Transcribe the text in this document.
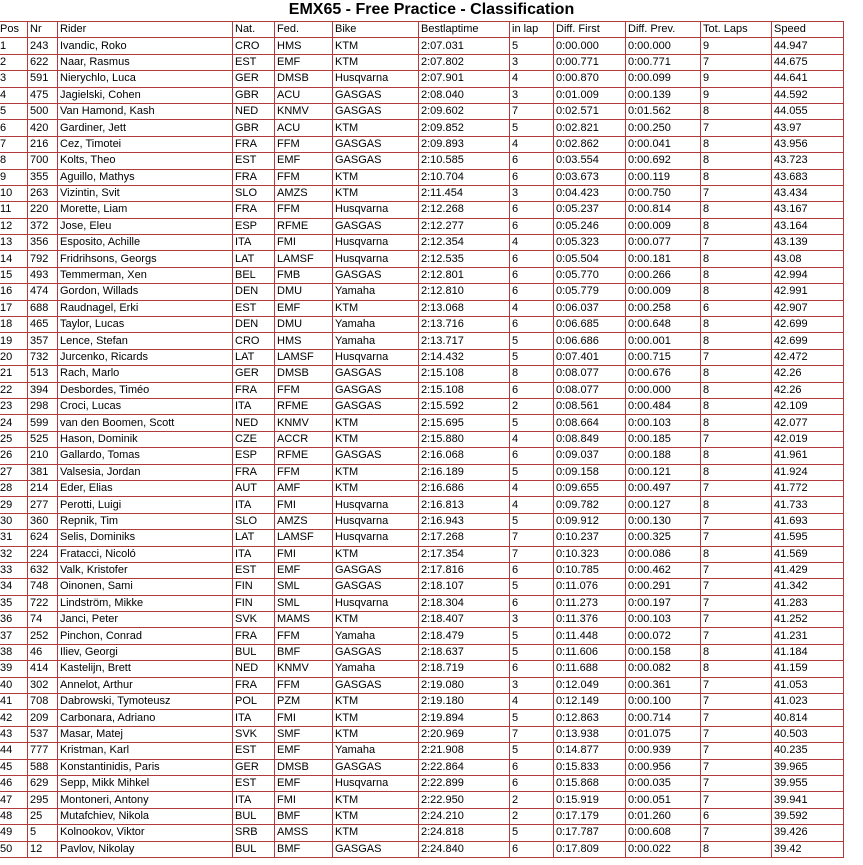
EMX65 - Free Practice - Classification
Pos	Nr	Rider	Nat.	Fed.	Bike	Bestlaptime	in lap	Diff. First	Diff. Prev.	Tot. Laps	Speed
1	243	Ivandic, Roko	CRO	HMS	KTM	2:07.031	5	0:00.000	0:00.000	9	44.947
2	622	Naar, Rasmus	EST	EMF	KTM	2:07.802	3	0:00.771	0:00.771	7	44.675
3	591	Nierychlo, Luca	GER	DMSB	Husqvarna	2:07.901	4	0:00.870	0:00.099	9	44.641
4	475	Jagielski, Cohen	GBR	ACU	GASGAS	2:08.040	3	0:01.009	0:00.139	9	44.592
5	500	Van Hamond, Kash	NED	KNMV	GASGAS	2:09.602	7	0:02.571	0:01.562	8	44.055
6	420	Gardiner, Jett	GBR	ACU	KTM	2:09.852	5	0:02.821	0:00.250	7	43.97
7	216	Cez, Timotei	FRA	FFM	GASGAS	2:09.893	4	0:02.862	0:00.041	8	43.956
8	700	Kolts, Theo	EST	EMF	GASGAS	2:10.585	6	0:03.554	0:00.692	8	43.723
9	355	Aguillo, Mathys	FRA	FFM	KTM	2:10.704	6	0:03.673	0:00.119	8	43.683
10	263	Vizintin, Svit	SLO	AMZS	KTM	2:11.454	3	0:04.423	0:00.750	7	43.434
11	220	Morette, Liam	FRA	FFM	Husqvarna	2:12.268	6	0:05.237	0:00.814	8	43.167
12	372	Jose, Eleu	ESP	RFME	GASGAS	2:12.277	6	0:05.246	0:00.009	8	43.164
13	356	Esposito, Achille	ITA	FMI	Husqvarna	2:12.354	4	0:05.323	0:00.077	7	43.139
14	792	Fridrihsons, Georgs	LAT	LAMSF	Husqvarna	2:12.535	6	0:05.504	0:00.181	8	43.08
15	493	Temmerman, Xen	BEL	FMB	GASGAS	2:12.801	6	0:05.770	0:00.266	8	42.994
16	474	Gordon, Willads	DEN	DMU	Yamaha	2:12.810	6	0:05.779	0:00.009	8	42.991
17	688	Raudnagel, Erki	EST	EMF	KTM	2:13.068	4	0:06.037	0:00.258	6	42.907
18	465	Taylor, Lucas	DEN	DMU	Yamaha	2:13.716	6	0:06.685	0:00.648	8	42.699
19	357	Lence, Stefan	CRO	HMS	Yamaha	2:13.717	5	0:06.686	0:00.001	8	42.699
20	732	Jurcenko, Ricards	LAT	LAMSF	Husqvarna	2:14.432	5	0:07.401	0:00.715	7	42.472
21	513	Rach, Marlo	GER	DMSB	GASGAS	2:15.108	8	0:08.077	0:00.676	8	42.26
22	394	Desbordes, Timéo	FRA	FFM	GASGAS	2:15.108	6	0:08.077	0:00.000	8	42.26
23	298	Croci, Lucas	ITA	RFME	GASGAS	2:15.592	2	0:08.561	0:00.484	8	42.109
24	599	van den Boomen, Scott	NED	KNMV	KTM	2:15.695	5	0:08.664	0:00.103	8	42.077
25	525	Hason, Dominik	CZE	ACCR	KTM	2:15.880	4	0:08.849	0:00.185	7	42.019
26	210	Gallardo, Tomas	ESP	RFME	GASGAS	2:16.068	6	0:09.037	0:00.188	8	41.961
27	381	Valsesia, Jordan	FRA	FFM	KTM	2:16.189	5	0:09.158	0:00.121	8	41.924
28	214	Eder, Elias	AUT	AMF	KTM	2:16.686	4	0:09.655	0:00.497	7	41.772
29	277	Perotti, Luigi	ITA	FMI	Husqvarna	2:16.813	4	0:09.782	0:00.127	8	41.733
30	360	Repnik, Tim	SLO	AMZS	Husqvarna	2:16.943	5	0:09.912	0:00.130	7	41.693
31	624	Selis, Dominiks	LAT	LAMSF	Husqvarna	2:17.268	7	0:10.237	0:00.325	7	41.595
32	224	Fratacci, Nicoló	ITA	FMI	KTM	2:17.354	7	0:10.323	0:00.086	8	41.569
33	632	Valk, Kristofer	EST	EMF	GASGAS	2:17.816	6	0:10.785	0:00.462	7	41.429
34	748	Oinonen, Sami	FIN	SML	GASGAS	2:18.107	5	0:11.076	0:00.291	7	41.342
35	722	Lindström, Mikke	FIN	SML	Husqvarna	2:18.304	6	0:11.273	0:00.197	7	41.283
36	74	Janci, Peter	SVK	MAMS	KTM	2:18.407	3	0:11.376	0:00.103	7	41.252
37	252	Pinchon, Conrad	FRA	FFM	Yamaha	2:18.479	5	0:11.448	0:00.072	7	41.231
38	46	Iliev, Georgi	BUL	BMF	GASGAS	2:18.637	5	0:11.606	0:00.158	8	41.184
39	414	Kastelijn, Brett	NED	KNMV	Yamaha	2:18.719	6	0:11.688	0:00.082	8	41.159
40	302	Annelot, Arthur	FRA	FFM	GASGAS	2:19.080	3	0:12.049	0:00.361	7	41.053
41	708	Dabrowski, Tymoteusz	POL	PZM	KTM	2:19.180	4	0:12.149	0:00.100	7	41.023
42	209	Carbonara, Adriano	ITA	FMI	KTM	2:19.894	5	0:12.863	0:00.714	7	40.814
43	537	Masar, Matej	SVK	SMF	KTM	2:20.969	7	0:13.938	0:01.075	7	40.503
44	777	Kristman, Karl	EST	EMF	Yamaha	2:21.908	5	0:14.877	0:00.939	7	40.235
45	588	Konstantinidis, Paris	GER	DMSB	GASGAS	2:22.864	6	0:15.833	0:00.956	7	39.965
46	629	Sepp, Mikk Mihkel	EST	EMF	Husqvarna	2:22.899	6	0:15.868	0:00.035	7	39.955
47	295	Montoneri, Antony	ITA	FMI	KTM	2:22.950	2	0:15.919	0:00.051	7	39.941
48	25	Mutafchiev, Nikola	BUL	BMF	KTM	2:24.210	2	0:17.179	0:01.260	6	39.592
49	5	Kolnookov, Viktor	SRB	AMSS	KTM	2:24.818	5	0:17.787	0:00.608	7	39.426
50	12	Pavlov, Nikolay	BUL	BMF	GASGAS	2:24.840	6	0:17.809	0:00.022	8	39.42
